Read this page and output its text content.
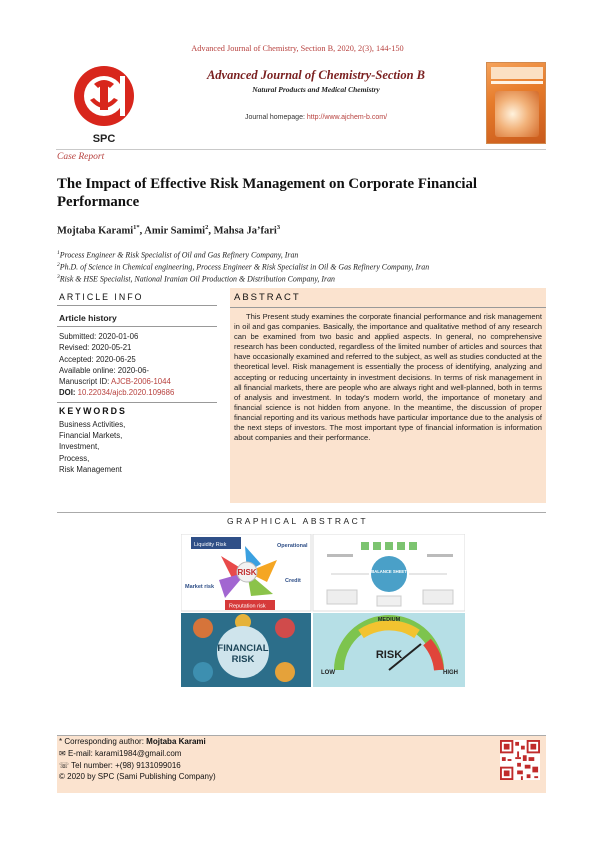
Advanced Journal of Chemistry, Section B, 2020, 2(3), 144-150
SPC
Advanced Journal of Chemistry-Section B
Natural Products and Medical Chemistry
Journal homepage: http://www.ajchem-b.com/
Case Report
The Impact of Effective Risk Management on Corporate Financial Performance
Mojtaba Karami$^{1*}$, Amir Samimi$^2$, Mahsa Ja’fari$^3$
$^1$Process Engineer & Risk Specialist of Oil and Gas Refinery Company, Iran
$^2$Ph.D. of Science in Chemical engineering, Process Engineer & Risk Specialist in Oil & Gas Refinery Company, Iran
$^3$Risk & HSE Specialist, National Iranian Oil Production & Distribution Company, Iran
ARTICLE INFO
Article history
Submitted: 2020-01-06
Revised: 2020-05-21
Accepted: 2020-06-25
Available online: 2020-06-
Manuscript ID: AJCB-2006-1044
DOI: 10.22034/ajcb.2020.109686
KEYWORDS
Business Activities,
Financial Markets,
Investment,
Process,
Risk Management
ABSTRACT
This Present study examines the corporate financial performance and risk management in oil and gas companies. Basically, the importance and qualitative method of any research can be examined from two basic and applied aspects. In general, no comprehensive research has been conducted, regardless of the limited number of articles and sources that have occasionally examined and referred to the subject, as well as studies conducted at the theoretical level. Risk management is essentially the process of identifying, analyzing and accepting or reducing uncertainty in investment decisions. In terms of risk management in all financial markets, there are people who are always right and well-planned, both in terms of analysis and investment. In today's modern world, the importance of monetary and financial science is not hidden from anyone. In the meantime, the discussion of proper financial reporting and its various methods have particular importance due to the analysis of the next steps of investors. The most important type of financial information is information about companies and their performance.
GRAPHICAL ABSTRACT
Liquidity Risk	Operational
RISK
Market risk
Credit
Reputation risk
BALANCE SHEET
FINANCIAL
RISK
MEDIUM
RISK
LOW	HIGH
* Corresponding author: Mojtaba Karami
✉ E-mail: karami1984@gmail.com
☏ Tel number: +(98) 9131099016
© 2020 by SPC (Sami Publishing Company)
